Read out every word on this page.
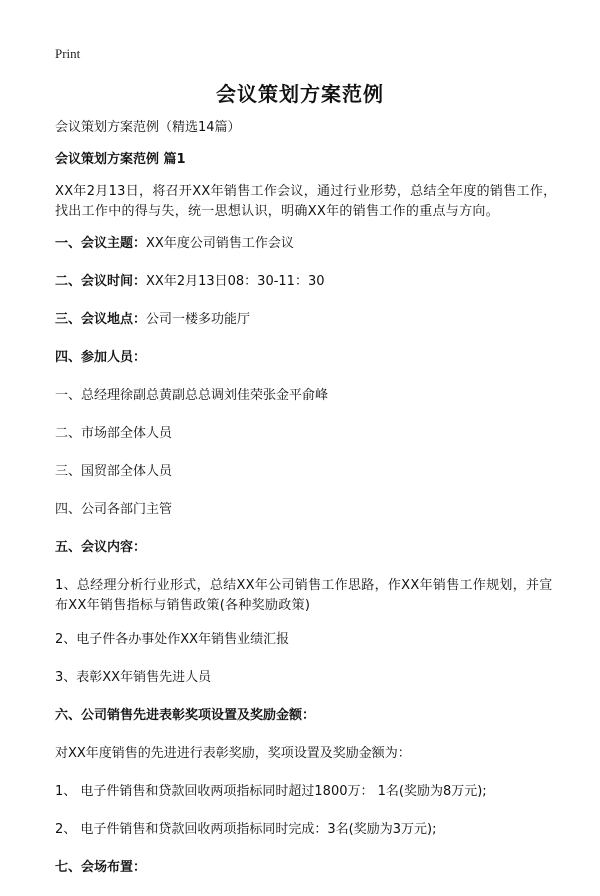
Print
会议策划方案范例

会议策划方案范例（精选14篇）

会议策划方案范例 篇1

XX年2月13日，将召开XX年销售工作会议，通过行业形势，总结全年度的销售工作，找出工作中的得与失，统一思想认识，明确XX年的销售工作的重点与方向。

一、会议主题：XX年度公司销售工作会议

二、会议时间：XX年2月13日08：30-11：30

三、会议地点：公司一楼多功能厅

四、参加人员：

一、总经理徐副总黄副总总调刘佳荣张金平俞峰

二、市场部全体人员

三、国贸部全体人员

四、公司各部门主管

五、会议内容：

1、总经理分析行业形式，总结XX年公司销售工作思路，作XX年销售工作规划，并宣布XX年销售指标与销售政策(各种奖励政策)

2、电子件各办事处作XX年销售业绩汇报

3、表彰XX年销售先进人员

六、公司销售先进表彰奖项设置及奖励金额：

对XX年度销售的先进进行表彰奖励，奖项设置及奖励金额为：

1、 电子件销售和贷款回收两项指标同时超过1800万： 1名(奖励为8万元);

2、 电子件销售和贷款回收两项指标同时完成：3名(奖励为3万元);

七、会场布置：
